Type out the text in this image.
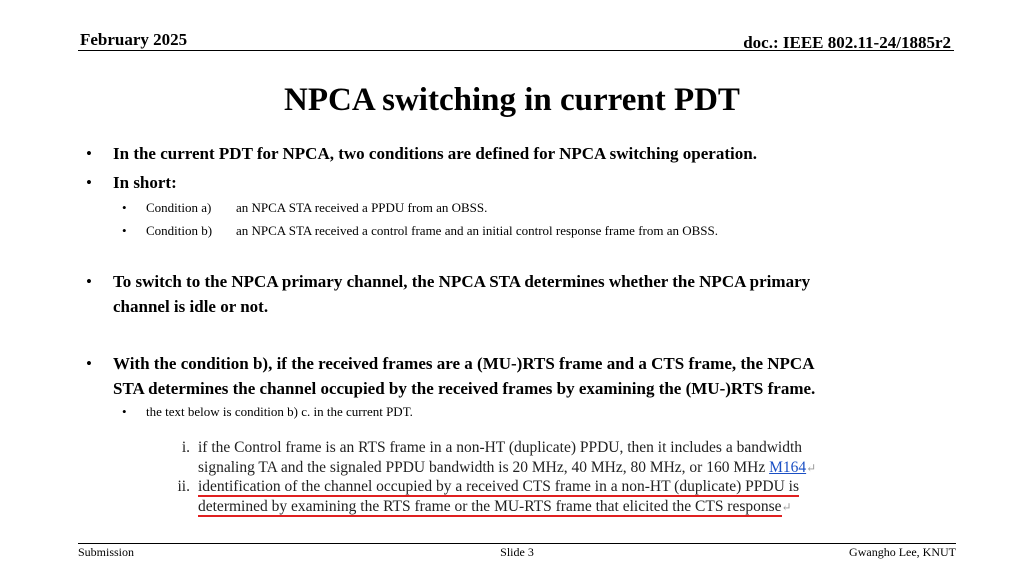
February 2025	doc.: IEEE 802.11-24/1885r2
NPCA switching in current PDT
• In the current PDT for NPCA, two conditions are defined for NPCA switching operation.
• In short:
• Condition a) an NPCA STA received a PPDU from an OBSS.
• Condition b) an NPCA STA received a control frame and an initial control response frame from an OBSS.
• To switch to the NPCA primary channel, the NPCA STA determines whether the NPCA primary
channel is idle or not.
• With the condition b), if the received frames are a (MU-)RTS frame and a CTS frame, the NPCA
STA determines the channel occupied by the received frames by examining the (MU-)RTS frame.
• the text below is condition b) c. in the current PDT.
i. if the Control frame is an RTS frame in a non-HT (duplicate) PPDU, then it includes a bandwidth
signaling TA and the signaled PPDU bandwidth is 20 MHz, 40 MHz, 80 MHz, or 160 MHz M164↵
ii. identification of the channel occupied by a received CTS frame in a non-HT (duplicate) PPDU is
determined by examining the RTS frame or the MU-RTS frame that elicited the CTS response↵
Submission	Slide 3	Gwangho Lee, KNUT
